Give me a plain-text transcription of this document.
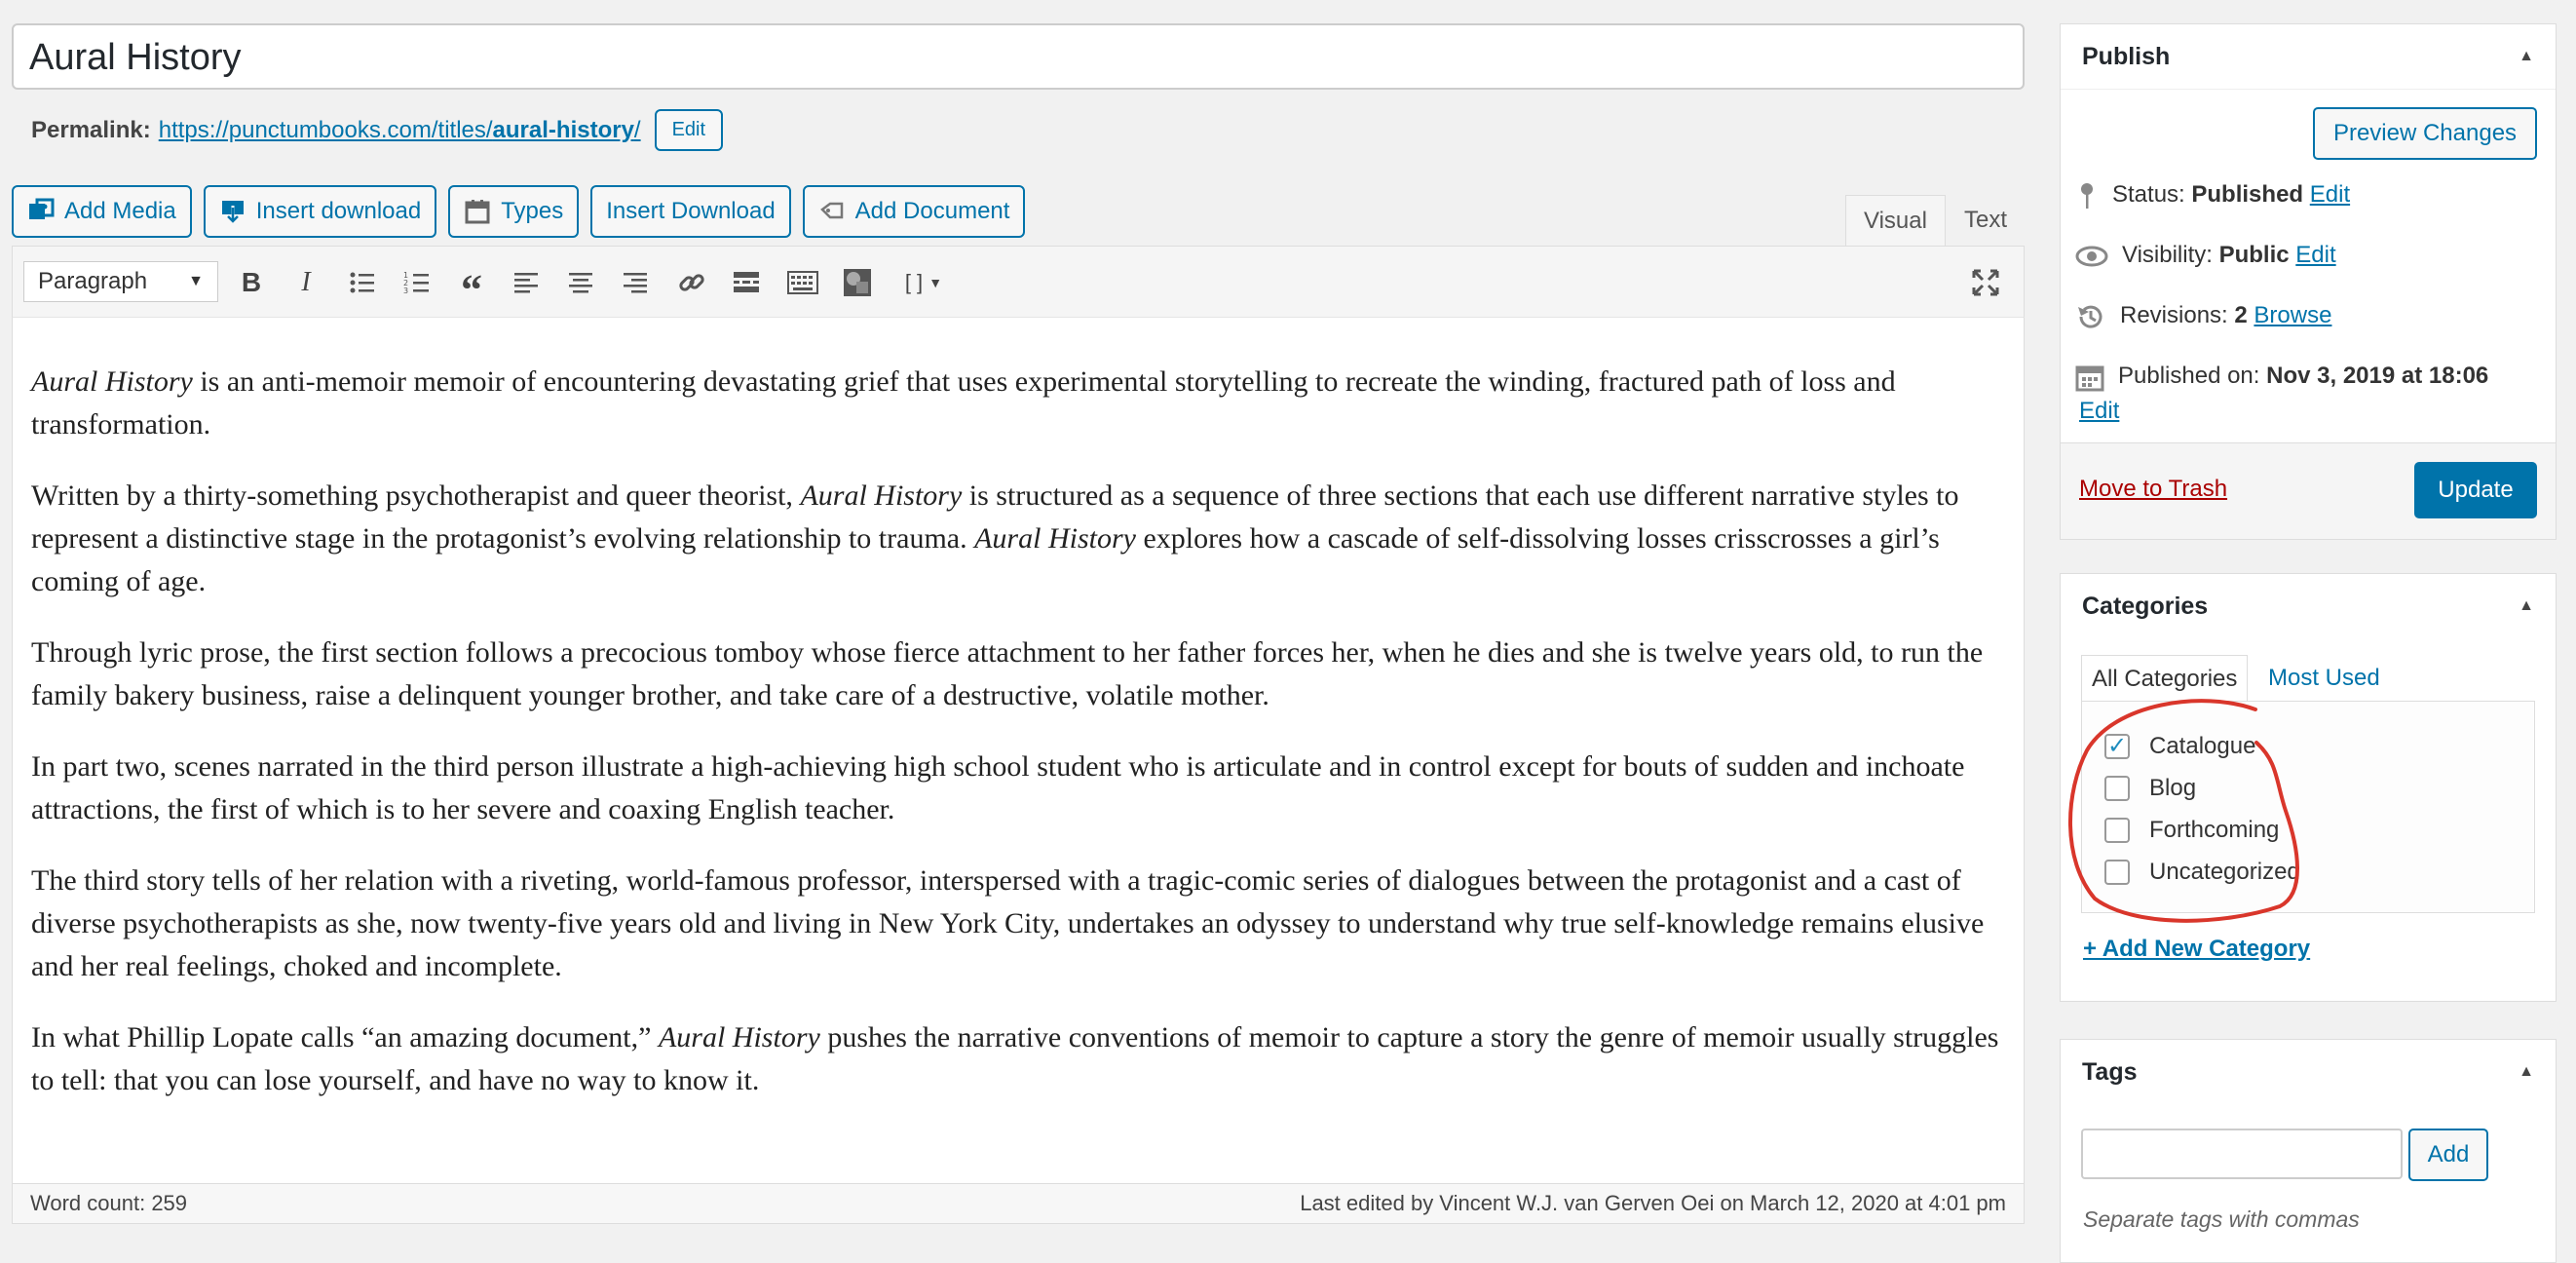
Aural History
Permalink: https://punctumbooks.com/titles/aural-history/	Edit
Add Media	Insert download	Types Insert Download	Add Document	Visual	Text
Paragraph	▼	B	I	1
2
3 “	[ ]
▼

Aural History is an anti-memoir memoir of encountering devastating grief that uses experimental storytelling to recreate the winding, fractured path of loss and transformation.

Written by a thirty-something psychotherapist and queer theorist, Aural History is structured as a sequence of three sections that each use different narrative styles to represent a distinctive stage in the protagonist’s evolving relationship to trauma. Aural History explores how a cascade of self-dissolving losses crisscrosses a girl’s coming of age.

Through lyric prose, the first section follows a precocious tomboy whose fierce attachment to her father forces her, when he dies and she is twelve years old, to run the family bakery business, raise a delinquent younger brother, and take care of a destructive, volatile mother.

In part two, scenes narrated in the third person illustrate a high-achieving high school student who is articulate and in control except for bouts of sudden and inchoate attractions, the first of which is to her severe and coaxing English teacher.

The third story tells of her relation with a riveting, world-famous professor, interspersed with a tragic-comic series of dialogues between the protagonist and a cast of diverse psychotherapists as she, now twenty-five years old and living in New York City, undertakes an odyssey to understand why true self-knowledge remains elusive and her real feelings, choked and incomplete.

In what Phillip Lopate calls “an amazing document,” Aural History pushes the narrative conventions of memoir to capture a story the genre of memoir usually struggles to tell: that you can lose yourself, and have no way to know it.

Word count: 259	Last edited by Vincent W.J. van Gerven Oei on March 12, 2020 at 4:01 pm
Publish	▲
Preview Changes
Status: Published Edit
Visibility: Public Edit
Revisions: 2 Browse
Published on: Nov 3, 2019 at 18:06
Edit
Move to Trash	Update
Categories	▲
All Categories	Most Used
✓ Catalogue
Blog
Forthcoming
Uncategorized
+ Add New Category
Tags	▲
Add
Separate tags with commas
